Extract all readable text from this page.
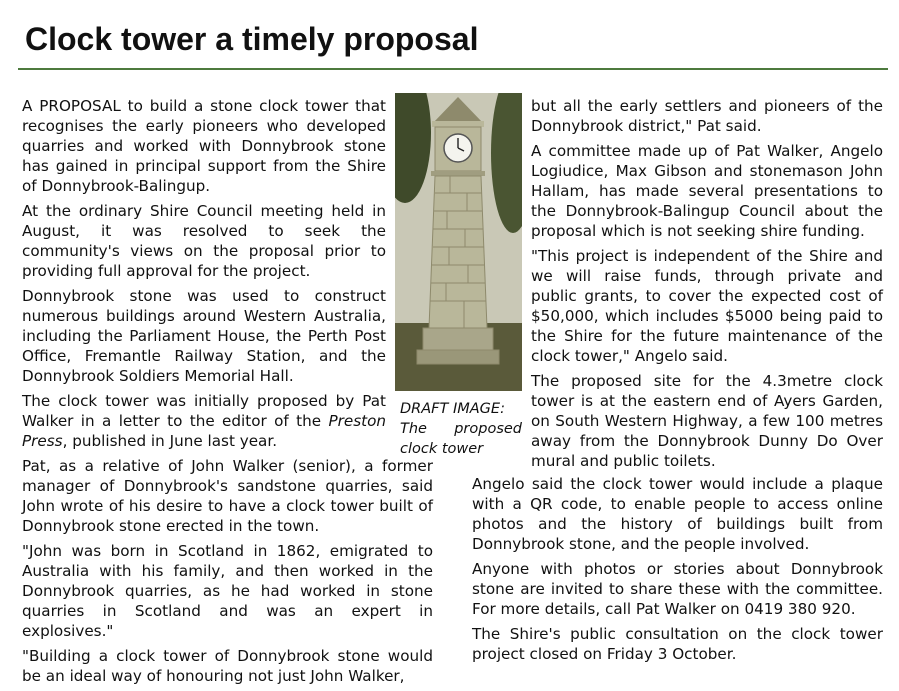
Clock tower a timely proposal

A PROPOSAL to build a stone clock tower that recognises the early pioneers who developed quarries and worked with Donnybrook stone has gained in principal support from the Shire of Donnybrook-Balingup.

At the ordinary Shire Council meeting held in August, it was resolved to seek the community's views on the proposal prior to providing full approval for the project.

Donnybrook stone was used to construct numerous buildings around Western Australia, including the Parliament House, the Perth Post Office, Fremantle Railway Station, and the Donnybrook Soldiers Memorial Hall.

The clock tower was initially proposed by Pat Walker in a letter to the editor of the Preston Press, published in June last year.

Pat, as a relative of John Walker (senior), a former manager of Donnybrook's sandstone quarries, said John wrote of his desire to have a clock tower built of Donnybrook stone erected in the town.

"John was born in Scotland in 1862, emigrated to Australia with his family, and then worked in the Donnybrook quarries, as he had worked in stone quarries in Scotland and was an expert in explosives."

"Building a clock tower of Donnybrook stone would be an ideal way of honouring not just John Walker,

DRAFT IMAGE:
The proposed
clock tower

but all the early settlers and pioneers of the Donnybrook district," Pat said.

A committee made up of Pat Walker, Angelo Logiudice, Max Gibson and stonemason John Hallam, has made several presentations to the Donnybrook-Balingup Council about the proposal which is not seeking shire funding.

"This project is independent of the Shire and we will raise funds, through private and public grants, to cover the expected cost of $50,000, which includes $5000 being paid to the Shire for the future maintenance of the clock tower," Angelo said.

The proposed site for the 4.3metre clock tower is at the eastern end of Ayers Garden, on South Western Highway, a few 100 metres away from the Donnybrook Dunny Do Over mural and public toilets.

Angelo said the clock tower would include a plaque with a QR code, to enable people to access online photos and the history of buildings built from Donnybrook stone, and the people involved.

Anyone with photos or stories about Donnybrook stone are invited to share these with the committee. For more details, call Pat Walker on 0419 380 920.

The Shire's public consultation on the clock tower project closed on Friday 3 October.
